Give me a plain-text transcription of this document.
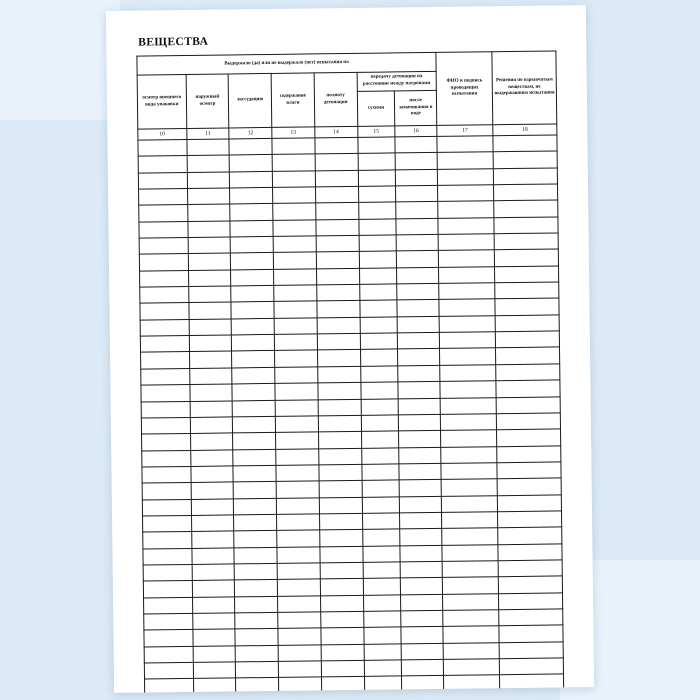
ВЕЩЕСТВА
Выдержало (да) или не выдержало (нет) испытания на							ФИО и подпись проводящих испытания	Решения по взрывчатым веществам, не выдержавшим испытания
осмотр внешнего вида упаковки	наружный осмотр	экссудацию	содержание влаги	полноту детонации	передачу детонации на расстоянии между патронами			
					сухими	после замачивания в воде		
10	11	12	13	14	15	16	17	18
